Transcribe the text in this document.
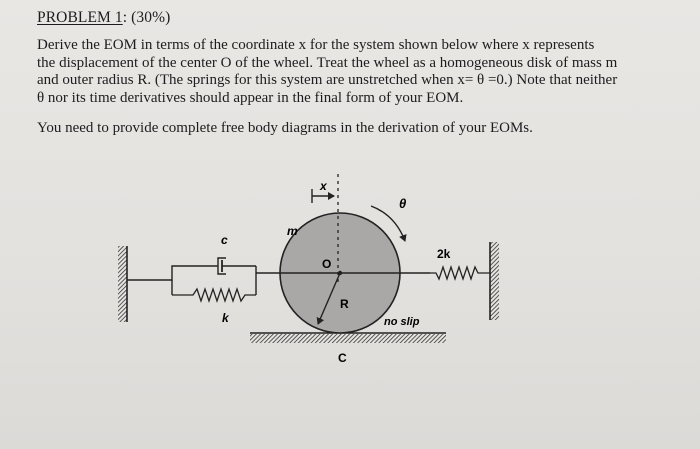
PROBLEM 1: (30%)
Derive the EOM in terms of the coordinate x for the system shown below where x represents
the displacement of the center O of the wheel. Treat the wheel as a homogeneous disk of mass m
and outer radius R. (The springs for this system are unstretched when x= θ =0.) Note that neither
θ nor its time derivatives should appear in the final form of your EOM.
You need to provide complete free body diagrams in the derivation of your EOMs.
x
θ
m
c
2k
O
R
k	no slip
C
